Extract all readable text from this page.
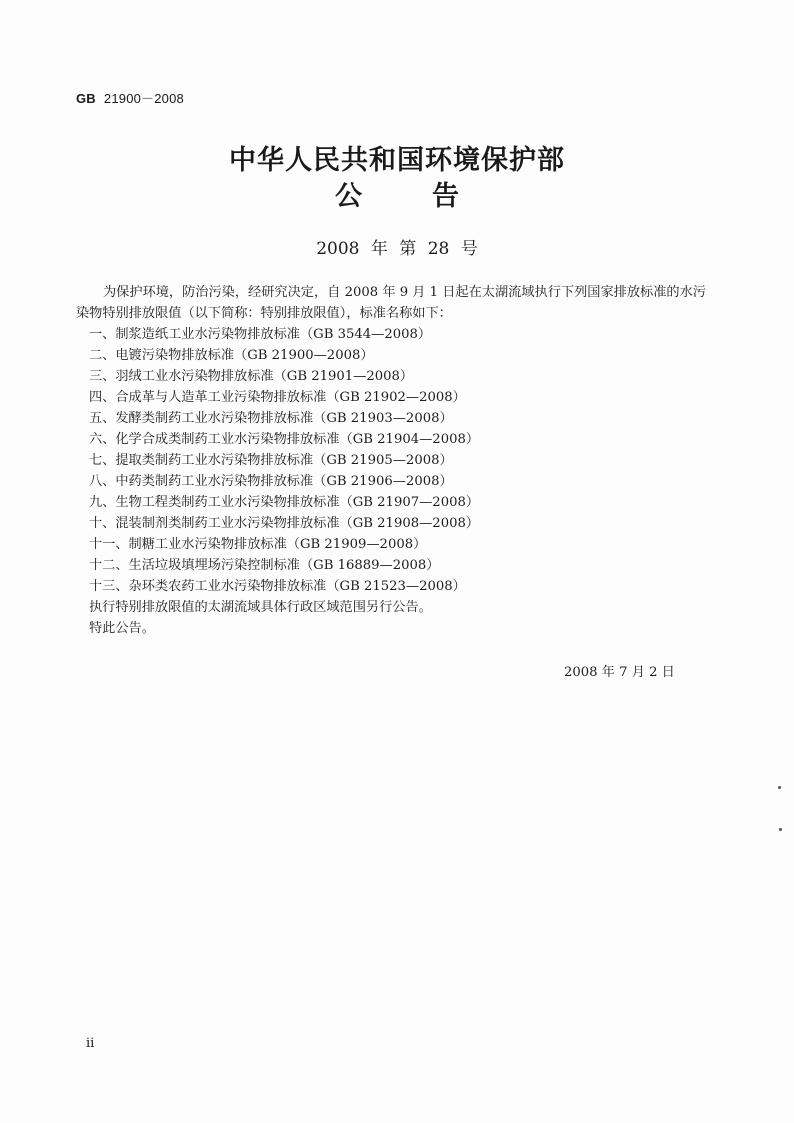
GB 21900－2008
中华人民共和国环境保护部
公告
2008 年 第 28 号

为保护环境，防治污染，经研究决定，自 2008 年 9 月 1 日起在太湖流域执行下列国家排放标准的水污染物特别排放限值（以下简称：特别排放限值），标准名称如下：

一、制浆造纸工业水污染物排放标准（GB 3544—2008）
二、电镀污染物排放标准（GB 21900—2008）
三、羽绒工业水污染物排放标准（GB 21901—2008）
四、合成革与人造革工业污染物排放标准（GB 21902—2008）
五、发酵类制药工业水污染物排放标准（GB 21903—2008）
六、化学合成类制药工业水污染物排放标准（GB 21904—2008）
七、提取类制药工业水污染物排放标准（GB 21905—2008）
八、中药类制药工业水污染物排放标准（GB 21906—2008）
九、生物工程类制药工业水污染物排放标准（GB 21907—2008）
十、混装制剂类制药工业水污染物排放标准（GB 21908—2008）
十一、制糖工业水污染物排放标准（GB 21909—2008）
十二、生活垃圾填埋场污染控制标准（GB 16889—2008）
十三、杂环类农药工业水污染物排放标准（GB 21523—2008）

执行特别排放限值的太湖流域具体行政区域范围另行公告。

特此公告。

2008 年 7 月 2 日
ii
